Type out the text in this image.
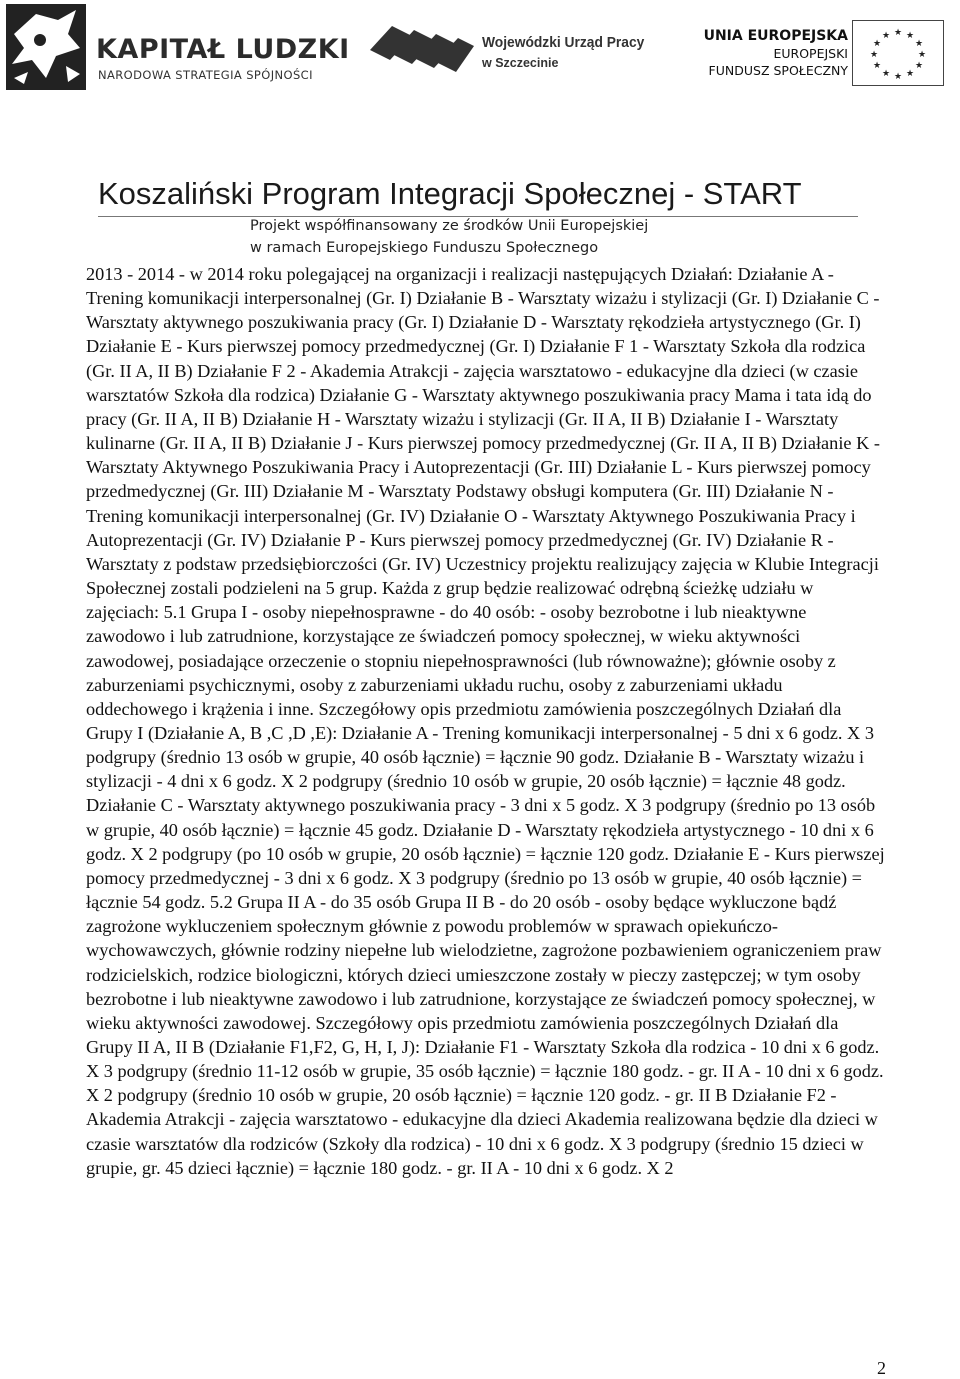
KAPITAŁ LUDZKI
NARODOWA STRATEGIA SPÓJNOŚCI
Wojewódzki Urząd Pracy
w Szczecinie
UNIA EUROPEJSKA
EUROPEJSKI
FUNDUSZ SPOŁECZNY
★ ★
★
★
★
★
★
★
★
★
★
★
Koszaliński Program Integracji Społecznej - START
Projekt współfinansowany ze środków Unii Europejskiej
w ramach Europejskiego Funduszu Społecznego

2013 - 2014 - w 2014 roku polegającej na organizacji i realizacji następujących Działań: Działanie A - Trening komunikacji interpersonalnej (Gr. I) Działanie B - Warsztaty wizażu i stylizacji (Gr. I) Działanie C - Warsztaty aktywnego poszukiwania pracy (Gr. I) Działanie D - Warsztaty rękodzieła artystycznego (Gr. I) Działanie E - Kurs pierwszej pomocy przedmedycznej (Gr. I) Działanie F 1 - Warsztaty Szkoła dla rodzica (Gr. II A, II B) Działanie F 2 - Akademia Atrakcji - zajęcia warsztatowo - edukacyjne dla dzieci (w czasie warsztatów Szkoła dla rodzica) Działanie G - Warsztaty aktywnego poszukiwania pracy Mama i tata idą do pracy (Gr. II A, II B) Działanie H - Warsztaty wizażu i stylizacji (Gr. II A, II B) Działanie I - Warsztaty kulinarne (Gr. II A, II B) Działanie J - Kurs pierwszej pomocy przedmedycznej (Gr. II A, II B) Działanie K - Warsztaty Aktywnego Poszukiwania Pracy i Autoprezentacji (Gr. III) Działanie L - Kurs pierwszej pomocy przedmedycznej (Gr. III) Działanie M - Warsztaty Podstawy obsługi komputera (Gr. III) Działanie N - Trening komunikacji interpersonalnej (Gr. IV) Działanie O - Warsztaty Aktywnego Poszukiwania Pracy i Autoprezentacji (Gr. IV) Działanie P - Kurs pierwszej pomocy przedmedycznej (Gr. IV) Działanie R - Warsztaty z podstaw przedsiębiorczości (Gr. IV) Uczestnicy projektu realizujący zajęcia w Klubie Integracji Społecznej zostali podzieleni na 5 grup. Każda z grup będzie realizować odrębną ścieżkę udziału w zajęciach: 5.1 Grupa I - osoby niepełnosprawne - do 40 osób: - osoby bezrobotne i lub nieaktywne zawodowo i lub zatrudnione, korzystające ze świadczeń pomocy społecznej, w wieku aktywności zawodowej, posiadające orzeczenie o stopniu niepełnosprawności (lub równoważne); głównie osoby z zaburzeniami psychicznymi, osoby z zaburzeniami układu ruchu, osoby z zaburzeniami układu oddechowego i krążenia i inne. Szczegółowy opis przedmiotu zamówienia poszczególnych Działań dla Grupy I (Działanie A, B ,C ,D ,E): Działanie A - Trening komunikacji interpersonalnej - 5 dni x 6 godz. X 3 podgrupy (średnio 13 osób w grupie, 40 osób łącznie) = łącznie 90 godz. Działanie B - Warsztaty wizażu i stylizacji - 4 dni x 6 godz. X 2 podgrupy (średnio 10 osób w grupie, 20 osób łącznie) = łącznie 48 godz. Działanie C - Warsztaty aktywnego poszukiwania pracy - 3 dni x 5 godz. X 3 podgrupy (średnio po 13 osób w grupie, 40 osób łącznie) = łącznie 45 godz. Działanie D - Warsztaty rękodzieła artystycznego - 10 dni x 6 godz. X 2 podgrupy (po 10 osób w grupie, 20 osób łącznie) = łącznie 120 godz. Działanie E - Kurs pierwszej pomocy przedmedycznej - 3 dni x 6 godz. X 3 podgrupy (średnio po 13 osób w grupie, 40 osób łącznie) = łącznie 54 godz. 5.2 Grupa II A - do 35 osób Grupa II B - do 20 osób - osoby będące wykluczone bądź zagrożone wykluczeniem społecznym głównie z powodu problemów w sprawach opiekuńczo-wychowawczych, głównie rodziny niepełne lub wielodzietne, zagrożone pozbawieniem ograniczeniem praw rodzicielskich, rodzice biologiczni, których dzieci umieszczone zostały w pieczy zastępczej; w tym osoby bezrobotne i lub nieaktywne zawodowo i lub zatrudnione, korzystające ze świadczeń pomocy społecznej, w wieku aktywności zawodowej. Szczegółowy opis przedmiotu zamówienia poszczególnych Działań dla Grupy II A, II B (Działanie F1,F2, G, H, I, J): Działanie F1 - Warsztaty Szkoła dla rodzica - 10 dni x 6 godz. X 3 podgrupy (średnio 11-12 osób w grupie, 35 osób łącznie) = łącznie 180 godz. - gr. II A - 10 dni x 6 godz. X 2 podgrupy (średnio 10 osób w grupie, 20 osób łącznie) = łącznie 120 godz. - gr. II B Działanie F2 - Akademia Atrakcji - zajęcia warsztatowo - edukacyjne dla dzieci Akademia realizowana będzie dla dzieci w czasie warsztatów dla rodziców (Szkoły dla rodzica) - 10 dni x 6 godz. X 3 podgrupy (średnio 15 dzieci w grupie, gr. 45 dzieci łącznie) = łącznie 180 godz. - gr. II A - 10 dni x 6 godz. X 2

2
